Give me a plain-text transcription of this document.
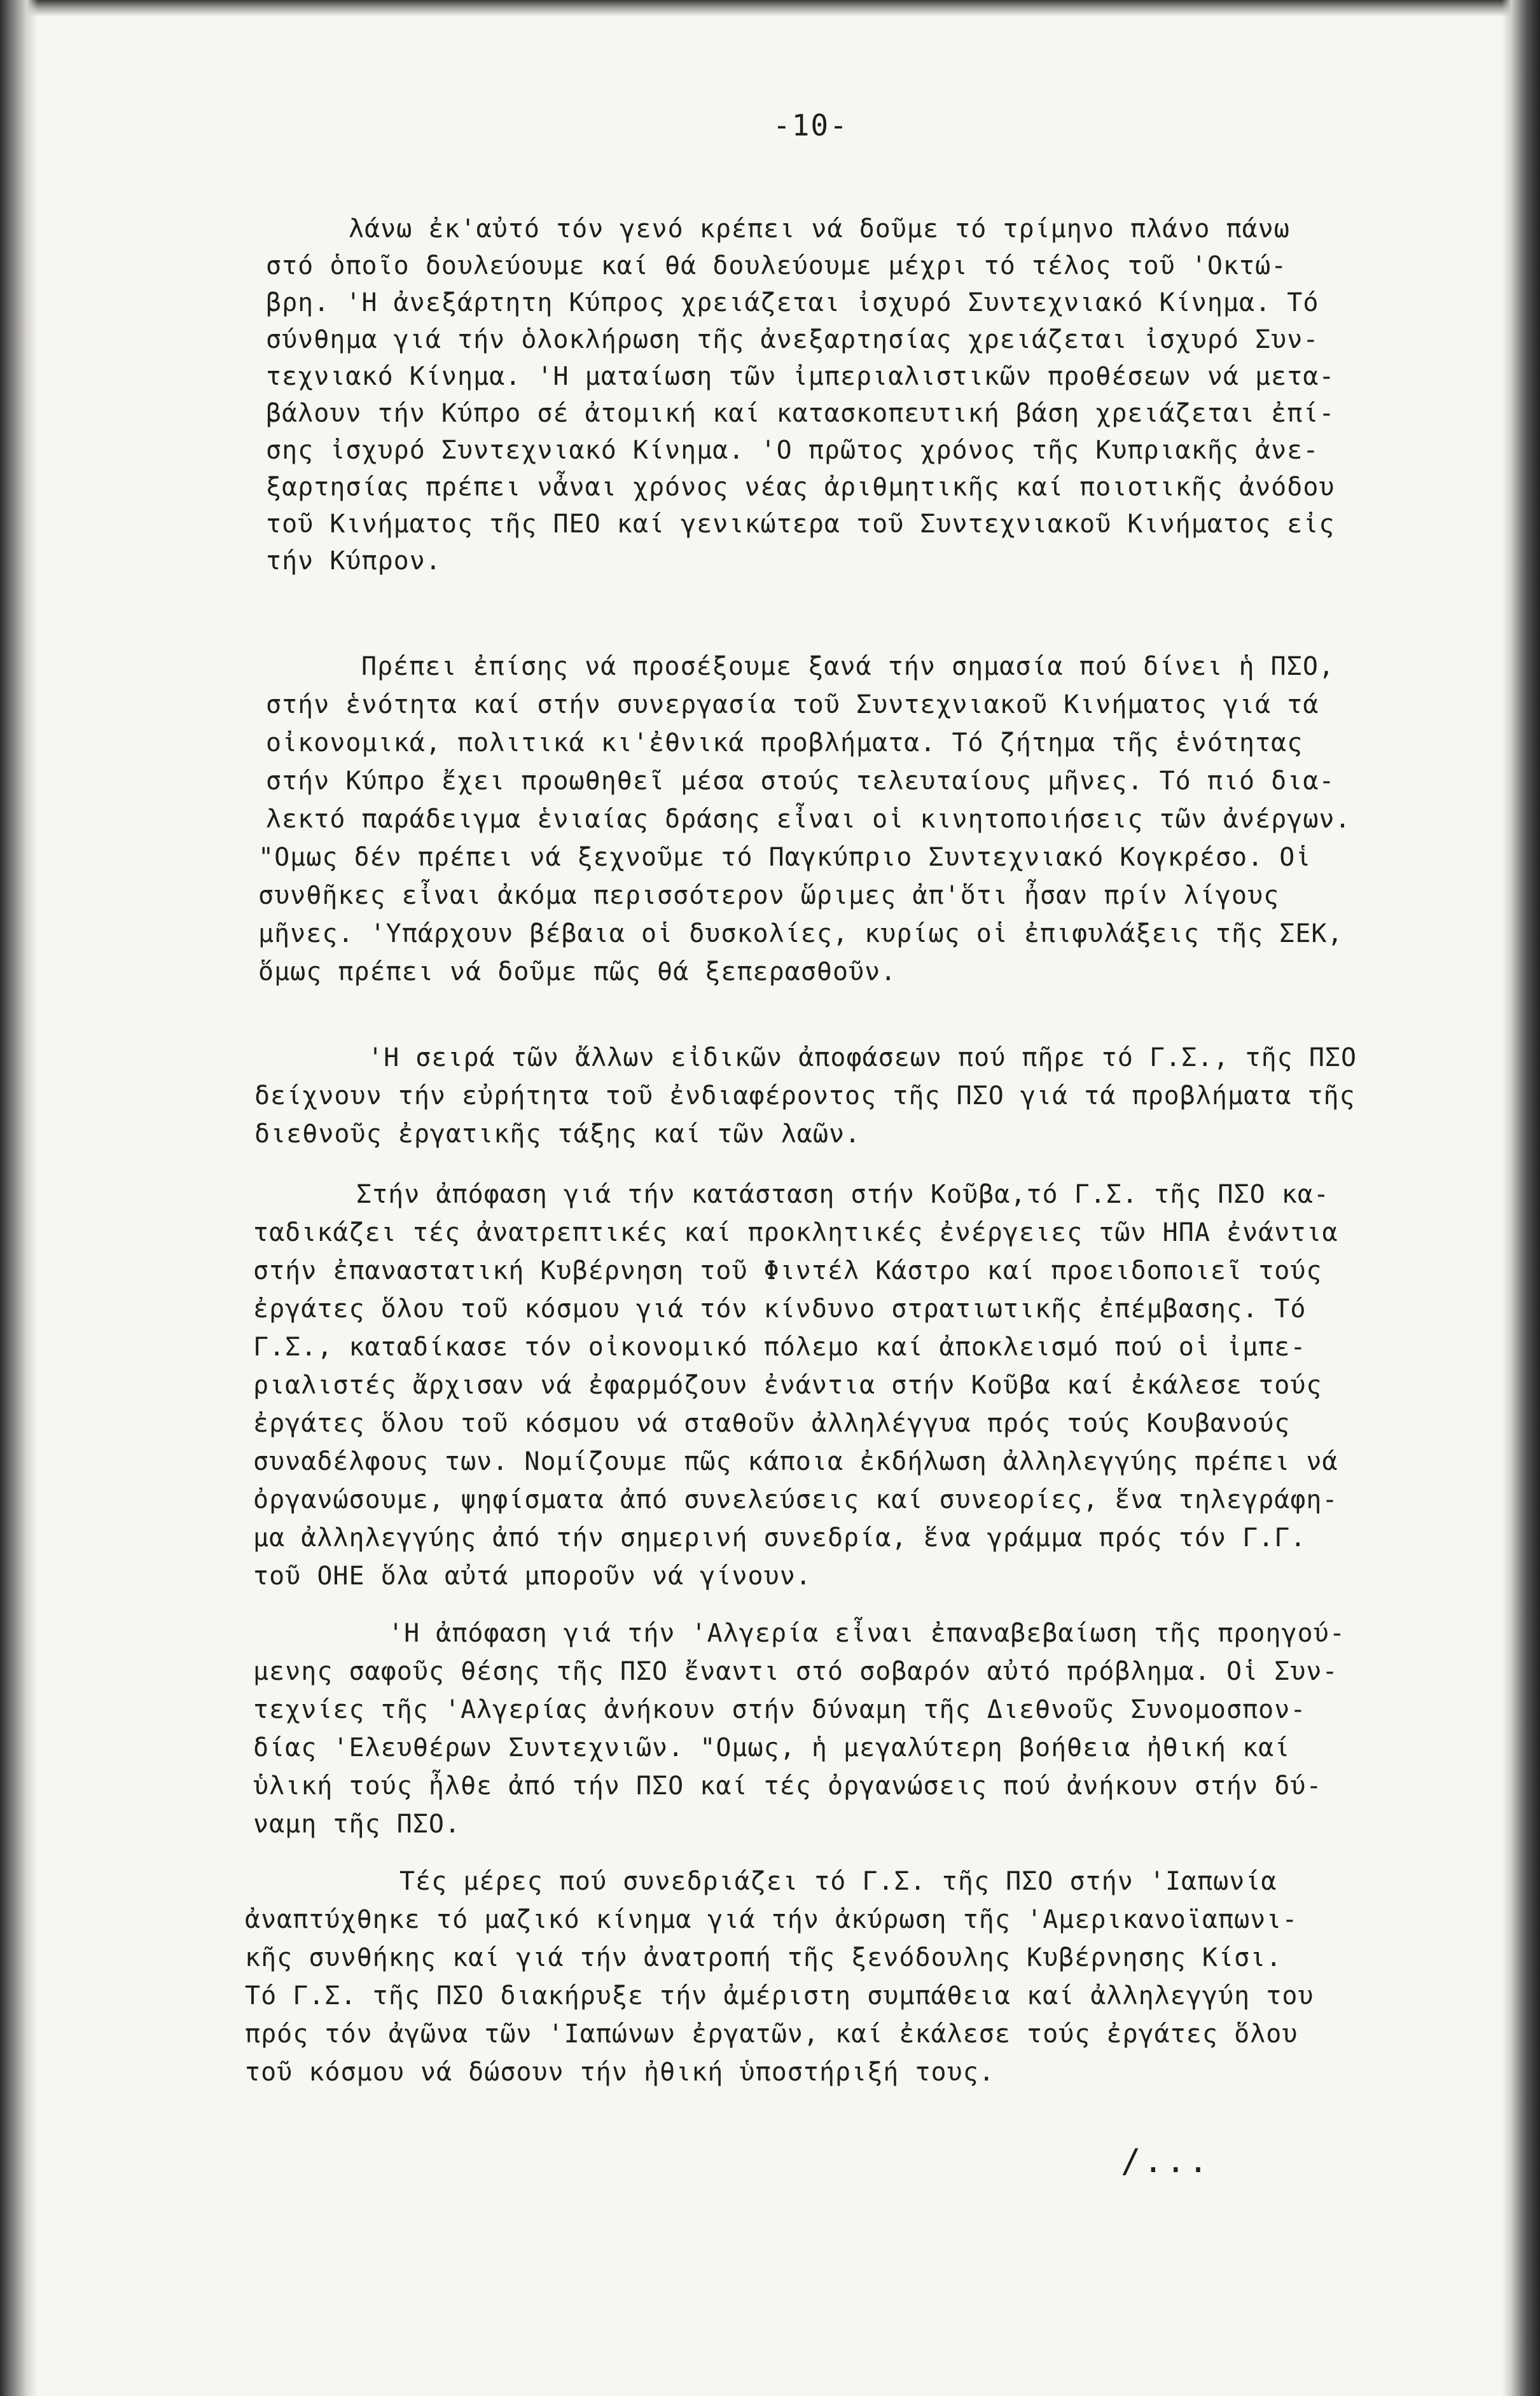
-10-
λάνω ἐκ'αὐτό τόν γενό κρέπει νά δοῦμε τό τρίμηνο πλάνο πάνω
στό ὁποῖο δουλεύουμε καί θά δουλεύουμε μέχρι τό τέλος τοῦ 'Οκτώ-
βρη. 'Η ἀνεξάρτητη Κύπρος χρειάζεται ἰσχυρό Συντεχνιακό Κίνημα. Τό
σύνθημα γιά τήν ὁλοκλήρωση τῆς ἀνεξαρτησίας χρειάζεται ἰσχυρό Συν-
τεχνιακό Κίνημα. 'Η ματαίωση τῶν ἰμπεριαλιστικῶν προθέσεων νά μετα-
βάλουν τήν Κύπρο σέ ἀτομική καί κατασκοπευτική βάση χρειάζεται ἐπί-
σης ἰσχυρό Συντεχνιακό Κίνημα. 'Ο πρῶτος χρόνος τῆς Κυπριακῆς ἀνε-
ξαρτησίας πρέπει νἆναι χρόνος νέας ἀριθμητικῆς καί ποιοτικῆς ἀνόδου
τοῦ Κινήματος τῆς ΠΕΟ καί γενικώτερα τοῦ Συντεχνιακοῦ Κινήματος εἰς
τήν Κύπρον.
Πρέπει ἐπίσης νά προσέξουμε ξανά τήν σημασία πού δίνει ἡ ΠΣΟ,
στήν ἑνότητα καί στήν συνεργασία τοῦ Συντεχνιακοῦ Κινήματος γιά τά
οἰκονομικά, πολιτικά κι'ἐθνικά προβλήματα. Τό ζήτημα τῆς ἑνότητας
στήν Κύπρο ἔχει προωθηθεῖ μέσα στούς τελευταίους μῆνες. Τό πιό δια-
λεκτό παράδειγμα ἑνιαίας δράσης εἶναι οἱ κινητοποιήσεις τῶν ἀνέργων.
"Ομως δέν πρέπει νά ξεχνοῦμε τό Παγκύπριο Συντεχνιακό Κογκρέσο. Οἱ
συνθῆκες εἶναι ἀκόμα περισσότερον ὥριμες ἀπ'ὅτι ἦσαν πρίν λίγους
μῆνες. 'Υπάρχουν βέβαια οἱ δυσκολίες, κυρίως οἱ ἐπιφυλάξεις τῆς ΣΕΚ,
ὅμως πρέπει νά δοῦμε πῶς θά ξεπερασθοῦν.
'Η σειρά τῶν ἄλλων εἰδικῶν ἀποφάσεων πού πῆρε τό Γ.Σ., τῆς ΠΣΟ
δείχνουν τήν εὐρήτητα τοῦ ἐνδιαφέροντος τῆς ΠΣΟ γιά τά προβλήματα τῆς
διεθνοῦς ἐργατικῆς τάξης καί τῶν λαῶν.
Στήν ἀπόφαση γιά τήν κατάσταση στήν Κοῦβα,τό Γ.Σ. τῆς ΠΣΟ κα-
ταδικάζει τές ἀνατρεπτικές καί προκλητικές ἐνέργειες τῶν ΗΠΑ ἐνάντια
στήν ἐπαναστατική Κυβέρνηση τοῦ Φιντέλ Κάστρο καί προειδοποιεῖ τούς
ἐργάτες ὅλου τοῦ κόσμου γιά τόν κίνδυνο στρατιωτικῆς ἐπέμβασης. Τό
Γ.Σ., καταδίκασε τόν οἰκονομικό πόλεμο καί ἀποκλεισμό πού οἱ ἰμπε-
ριαλιστές ἄρχισαν νά ἐφαρμόζουν ἐνάντια στήν Κοῦβα καί ἐκάλεσε τούς
ἐργάτες ὅλου τοῦ κόσμου νά σταθοῦν ἀλληλέγγυα πρός τούς Κουβανούς
συναδέλφους των. Νομίζουμε πῶς κάποια ἐκδήλωση ἀλληλεγγύης πρέπει νά
ὀργανώσουμε, ψηφίσματα ἀπό συνελεύσεις καί συνεορίες, ἕνα τηλεγράφη-
μα ἀλληλεγγύης ἀπό τήν σημερινή συνεδρία, ἕνα γράμμα πρός τόν Γ.Γ.
τοῦ ΟΗΕ ὅλα αὐτά μποροῦν νά γίνουν.
'Η ἀπόφαση γιά τήν 'Αλγερία εἶναι ἐπαναβεβαίωση τῆς προηγού-
μενης σαφοῦς θέσης τῆς ΠΣΟ ἔναντι στό σοβαρόν αὐτό πρόβλημα. Οἱ Συν-
τεχνίες τῆς 'Αλγερίας ἀνήκουν στήν δύναμη τῆς Διεθνοῦς Συνομοσπον-
δίας 'Ελευθέρων Συντεχνιῶν. "Ομως, ἡ μεγαλύτερη βοήθεια ἠθική καί
ὑλική τούς ἦλθε ἀπό τήν ΠΣΟ καί τές ὀργανώσεις πού ἀνήκουν στήν δύ-
ναμη τῆς ΠΣΟ.
Τές μέρες πού συνεδριάζει τό Γ.Σ. τῆς ΠΣΟ στήν 'Ιαπωνία
ἀναπτύχθηκε τό μαζικό κίνημα γιά τήν ἀκύρωση τῆς 'Αμερικανοϊαπωνι-
κῆς συνθήκης καί γιά τήν ἀνατροπή τῆς ξενόδουλης Κυβέρνησης Κίσι.
Τό Γ.Σ. τῆς ΠΣΟ διακήρυξε τήν ἀμέριστη συμπάθεια καί ἀλληλεγγύη του
πρός τόν ἀγῶνα τῶν 'Ιαπώνων ἐργατῶν, καί ἐκάλεσε τούς ἐργάτες ὅλου
τοῦ κόσμου νά δώσουν τήν ἠθική ὑποστήριξή τους.
/...
